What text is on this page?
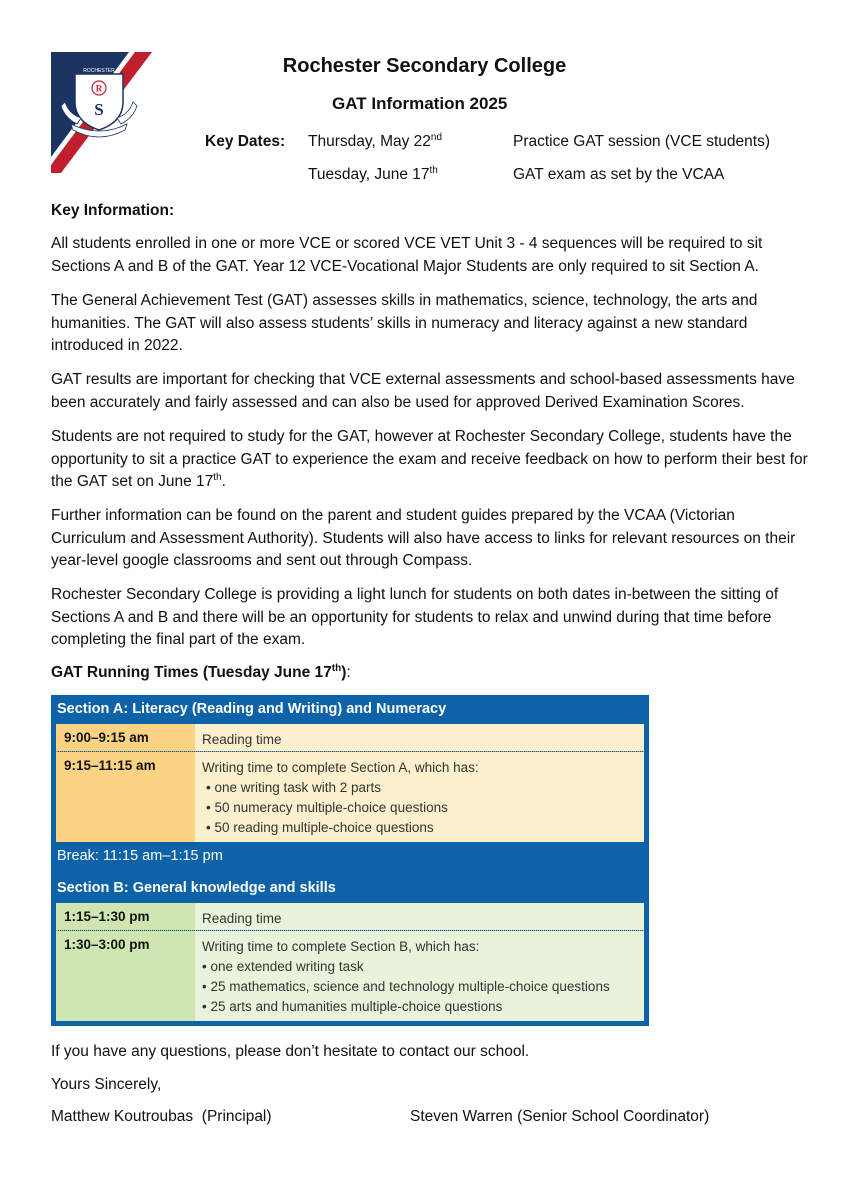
ROCHESTER
R
S
Rochester Secondary College
GAT Information 2025
Key Dates: Thursday, May 22nd	Practice GAT session (VCE students)
Tuesday, June 17th	GAT exam as set by the VCAA
Key Information:
All students enrolled in one or more VCE or scored VCE VET Unit 3 - 4 sequences will be required to sit Sections A and B of the GAT. Year 12 VCE-Vocational Major Students are only required to sit Section A.
The General Achievement Test (GAT) assesses skills in mathematics, science, technology, the arts and humanities. The GAT will also assess students’ skills in numeracy and literacy against a new standard introduced in 2022.
GAT results are important for checking that VCE external assessments and school-based assessments have been accurately and fairly assessed and can also be used for approved Derived Examination Scores.
Students are not required to study for the GAT, however at Rochester Secondary College, students have the opportunity to sit a practice GAT to experience the exam and receive feedback on how to perform their best for the GAT set on June 17th.
Further information can be found on the parent and student guides prepared by the VCAA (Victorian Curriculum and Assessment Authority). Students will also have access to links for relevant resources on their year-level google classrooms and sent out through Compass.
Rochester Secondary College is providing a light lunch for students on both dates in-between the sitting of Sections A and B and there will be an opportunity for students to relax and unwind during that time before completing the final part of the exam.
GAT Running Times (Tuesday June 17th):
Section A: Literacy (Reading and Writing) and Numeracy
9:00–9:15 am	Reading time
9:15–11:15 am	Writing time to complete Section A, which has:
• one writing task with 2 parts
• 50 numeracy multiple-choice questions
• 50 reading multiple-choice questions
Break: 11:15 am–1:15 pm
Section B: General knowledge and skills
1:15–1:30 pm	Reading time
1:30–3:00 pm	Writing time to complete Section B, which has:
• one extended writing task
• 25 mathematics, science and technology multiple-choice questions
• 25 arts and humanities multiple-choice questions
If you have any questions, please don’t hesitate to contact our school.
Yours Sincerely,
Matthew Koutroubas  (Principal)	Steven Warren (Senior School Coordinator)
